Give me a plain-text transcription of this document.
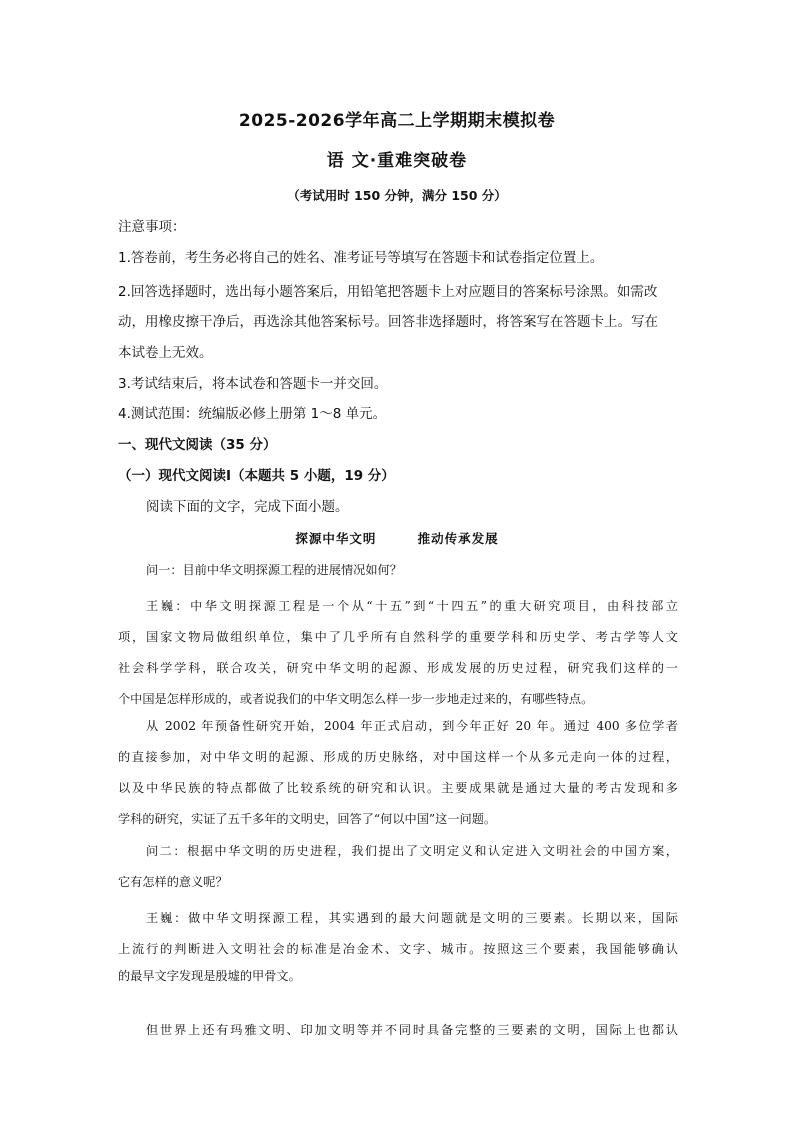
2025-2026学年高二上学期期末模拟卷
语 文·重难突破卷
（考试用时 150 分钟，满分 150 分）
注意事项：
1.答卷前，考生务必将自己的姓名、准考证号等填写在答题卡和试卷指定位置上。
2.回答选择题时，选出每小题答案后，用铅笔把答题卡上对应题目的答案标号涂黑。如需改
动，用橡皮擦干净后，再选涂其他答案标号。回答非选择题时，将答案写在答题卡上。写在
本试卷上无效。
3.考试结束后，将本试卷和答题卡一并交回。
4.测试范围：统编版必修上册第 1～8 单元。
一、现代文阅读（35 分）
（一）现代文阅读Ⅰ（本题共 5 小题，19 分）
阅读下面的文字，完成下面小题。
探源中华文明 推动传承发展
问一：目前中华文明探源工程的进展情况如何？
王巍：中华文明探源工程是一个从“十五”到“十四五”的重大研究项目，由科技部立
项，国家文物局做组织单位，集中了几乎所有自然科学的重要学科和历史学、考古学等人文
社会科学学科，联合攻关，研究中华文明的起源、形成发展的历史过程，研究我们这样的一
个中国是怎样形成的，或者说我们的中华文明怎么样一步一步地走过来的，有哪些特点。
从 2002 年预备性研究开始，2004 年正式启动，到今年正好 20 年。通过 400 多位学者
的直接参加，对中华文明的起源、形成的历史脉络，对中国这样一个从多元走向一体的过程，
以及中华民族的特点都做了比较系统的研究和认识。主要成果就是通过大量的考古发现和多
学科的研究，实证了五千多年的文明史，回答了“何以中国”这一问题。
问二：根据中华文明的历史进程，我们提出了文明定义和认定进入文明社会的中国方案，
它有怎样的意义呢？
王巍：做中华文明探源工程，其实遇到的最大问题就是文明的三要素。长期以来，国际
上流行的判断进入文明社会的标准是冶金术、文字、城市。按照这三个要素，我国能够确认
的最早文字发现是殷墟的甲骨文。
但世界上还有玛雅文明、印加文明等并不同时具备完整的三要素的文明，国际上也都认
